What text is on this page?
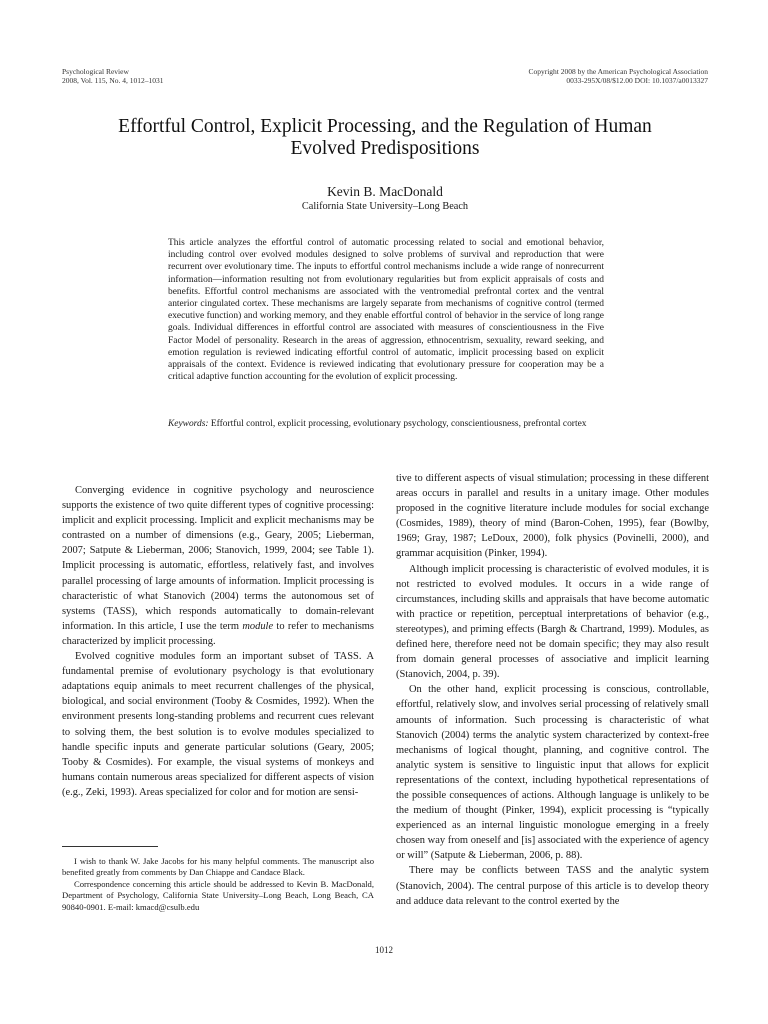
Psychological Review
2008, Vol. 115, No. 4, 1012–1031
Copyright 2008 by the American Psychological Association
0033-295X/08/$12.00 DOI: 10.1037/a0013327
Effortful Control, Explicit Processing, and the Regulation of Human
Evolved Predispositions
Kevin B. MacDonald
California State University–Long Beach
This article analyzes the effortful control of automatic processing related to social and emotional behavior, including control over evolved modules designed to solve problems of survival and reproduction that were recurrent over evolutionary time. The inputs to effortful control mechanisms include a wide range of nonrecurrent information—information resulting not from evolutionary regularities but from explicit appraisals of costs and benefits. Effortful control mechanisms are associated with the ventromedial prefrontal cortex and the ventral anterior cingulated cortex. These mechanisms are largely separate from mechanisms of cognitive control (termed executive function) and working memory, and they enable effortful control of behavior in the service of long range goals. Individual differences in effortful control are associated with measures of conscientiousness in the Five Factor Model of personality. Research in the areas of aggression, ethnocentrism, sexuality, reward seeking, and emotion regulation is reviewed indicating effortful control of automatic, implicit processing based on explicit appraisals of the context. Evidence is reviewed indicating that evolutionary pressure for cooperation may be a critical adaptive function accounting for the evolution of explicit processing.
Keywords: Effortful control, explicit processing, evolutionary psychology, conscientiousness, prefrontal cortex

Converging evidence in cognitive psychology and neuroscience supports the existence of two quite different types of cognitive processing: implicit and explicit processing. Implicit and explicit mechanisms may be contrasted on a number of dimensions (e.g., Geary, 2005; Lieberman, 2007; Satpute & Lieberman, 2006; Stanovich, 1999, 2004; see Table 1). Implicit processing is automatic, effortless, relatively fast, and involves parallel processing of large amounts of information. Implicit processing is characteristic of what Stanovich (2004) terms the autonomous set of systems (TASS), which responds automatically to domain-relevant information. In this article, I use the term module to refer to mechanisms characterized by implicit processing.

Evolved cognitive modules form an important subset of TASS. A fundamental premise of evolutionary psychology is that evolutionary adaptations equip animals to meet recurrent challenges of the physical, biological, and social environment (Tooby & Cosmides, 1992). When the environment presents long-standing problems and recurrent cues relevant to solving them, the best solution is to evolve modules specialized to handle specific inputs and generate particular solutions (Geary, 2005; Tooby & Cosmides). For example, the visual systems of monkeys and humans contain numerous areas specialized for different aspects of vision (e.g., Zeki, 1993). Areas specialized for color and for motion are sensi-

tive to different aspects of visual stimulation; processing in these different areas occurs in parallel and results in a unitary image. Other modules proposed in the cognitive literature include modules for social exchange (Cosmides, 1989), theory of mind (Baron-Cohen, 1995), fear (Bowlby, 1969; Gray, 1987; LeDoux, 2000), folk physics (Povinelli, 2000), and grammar acquisition (Pinker, 1994).

Although implicit processing is characteristic of evolved modules, it is not restricted to evolved modules. It occurs in a wide range of circumstances, including skills and appraisals that have become automatic with practice or repetition, perceptual interpretations of behavior (e.g., stereotypes), and priming effects (Bargh & Chartrand, 1999). Modules, as defined here, therefore need not be domain specific; they may also result from domain general processes of associative and implicit learning (Stanovich, 2004, p. 39).

On the other hand, explicit processing is conscious, controllable, effortful, relatively slow, and involves serial processing of relatively small amounts of information. Such processing is characteristic of what Stanovich (2004) terms the analytic system characterized by context-free mechanisms of logical thought, planning, and cognitive control. The analytic system is sensitive to linguistic input that allows for explicit representations of the context, including hypothetical representations of the possible consequences of actions. Although language is unlikely to be the medium of thought (Pinker, 1994), explicit processing is “typically experienced as an internal linguistic monologue emerging in a freely chosen way from oneself and [is] associated with the experience of agency or will” (Satpute & Lieberman, 2006, p. 88).

There may be conflicts between TASS and the analytic system (Stanovich, 2004). The central purpose of this article is to develop theory and adduce data relevant to the control exerted by the

I wish to thank W. Jake Jacobs for his many helpful comments. The manuscript also benefited greatly from comments by Dan Chiappe and Candace Black.

Correspondence concerning this article should be addressed to Kevin B. MacDonald, Department of Psychology, California State University–Long Beach, Long Beach, CA 90840-0901. E-mail: kmacd@csulb.edu

1012
